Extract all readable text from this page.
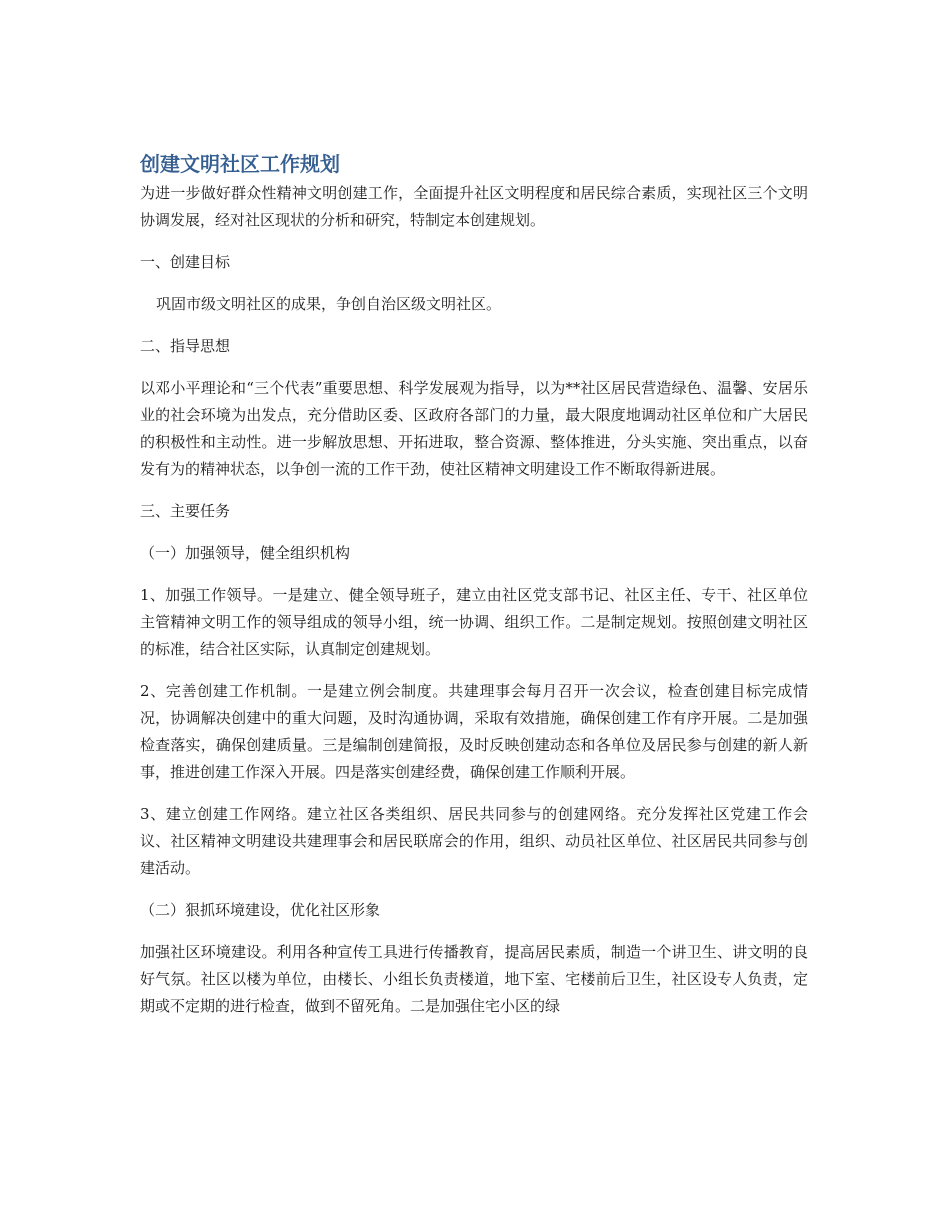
创建文明社区工作规划
为进一步做好群众性精神文明创建工作，全面提升社区文明程度和居民综合素质，实现社区三个文明协调发展，经对社区现状的分析和研究，特制定本创建规划。
一、创建目标
巩固市级文明社区的成果，争创自治区级文明社区。
二、指导思想
以邓小平理论和“三个代表”重要思想、科学发展观为指导，以为**社区居民营造绿色、温馨、安居乐业的社会环境为出发点，充分借助区委、区政府各部门的力量，最大限度地调动社区单位和广大居民的积极性和主动性。进一步解放思想、开拓进取，整合资源、整体推进，分头实施、突出重点，以奋发有为的精神状态，以争创一流的工作干劲，使社区精神文明建设工作不断取得新进展。
三、主要任务
（一）加强领导，健全组织机构
1、加强工作领导。一是建立、健全领导班子，建立由社区党支部书记、社区主任、专干、社区单位主管精神文明工作的领导组成的领导小组，统一协调、组织工作。二是制定规划。按照创建文明社区的标准，结合社区实际，认真制定创建规划。
2、完善创建工作机制。一是建立例会制度。共建理事会每月召开一次会议，检查创建目标完成情况，协调解决创建中的重大问题，及时沟通协调，采取有效措施，确保创建工作有序开展。二是加强检查落实，确保创建质量。三是编制创建简报，及时反映创建动态和各单位及居民参与创建的新人新事，推进创建工作深入开展。四是落实创建经费，确保创建工作顺利开展。
3、建立创建工作网络。建立社区各类组织、居民共同参与的创建网络。充分发挥社区党建工作会议、社区精神文明建设共建理事会和居民联席会的作用，组织、动员社区单位、社区居民共同参与创建活动。
（二）狠抓环境建设，优化社区形象
加强社区环境建设。利用各种宣传工具进行传播教育，提高居民素质，制造一个讲卫生、讲文明的良好气氛。社区以楼为单位，由楼长、小组长负责楼道，地下室、宅楼前后卫生，社区设专人负责，定期或不定期的进行检查，做到不留死角。二是加强住宅小区的绿
